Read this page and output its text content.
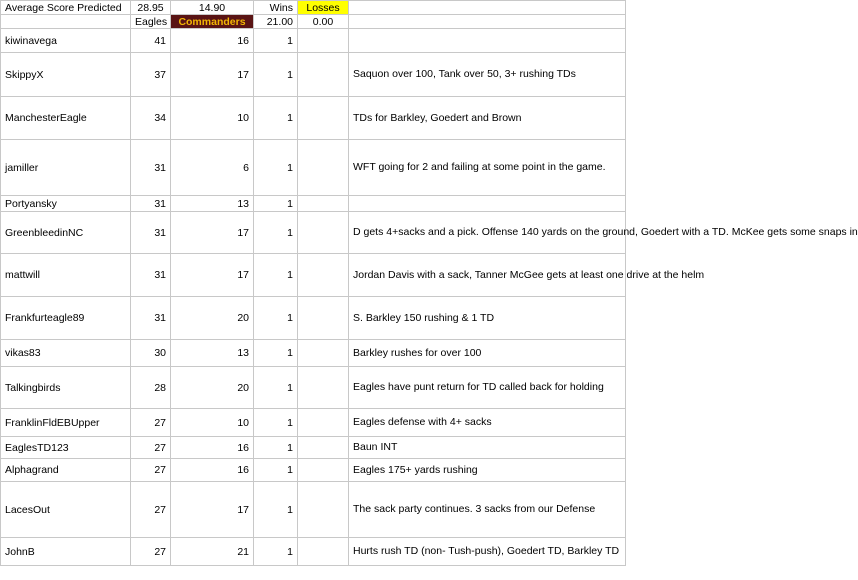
Average Score Predicted	28.95	14.90	Wins	Losses	
	Eagles	Commanders	21.00	0.00	
kiwinavega	41	16	1		
SkippyX	37	17	1		Saquon over 100, Tank over 50, 3+ rushing TDs
ManchesterEagle	34	10	1		TDs for Barkley, Goedert and Brown
jamiller	31	6	1		WFT going for 2 and failing at some point in the game.
Portyansky	31	13	1		
GreenbleedinNC	31	17	1		D gets 4+sacks and a pick. Offense 140 yards on the ground, Goedert with a TD. McKee gets some snaps in
mattwill	31	17	1		Jordan Davis with a sack, Tanner McGee gets at least one drive at the helm
Frankfurteagle89	31	20	1		S. Barkley 150 rushing & 1 TD
vikas83	30	13	1		Barkley rushes for over 100
Talkingbirds	28	20	1		Eagles have punt return for TD called back for holding
FranklinFldEBUpper	27	10	1		Eagles defense with 4+ sacks
EaglesTD123	27	16	1		Baun INT
Alphagrand	27	16	1		Eagles 175+ yards rushing
LacesOut	27	17	1		The sack party continues. 3 sacks from our Defense
JohnB	27	21	1		Hurts rush TD (non- Tush-push), Goedert TD, Barkley TD
